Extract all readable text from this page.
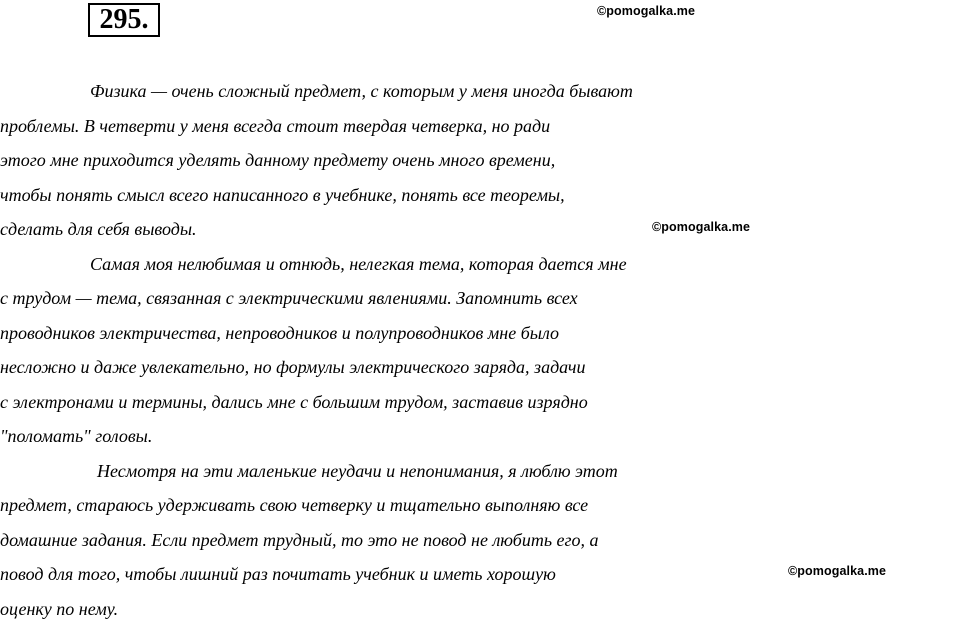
295.	©pomogalka.me
©pomogalka.me
©pomogalka.me
Физика — очень сложный предмет, с которым у меня иногда бывают
проблемы. В четверти у меня всегда стоит твердая четверка, но ради
этого мне приходится уделять данному предмету очень много времени,
чтобы понять смысл всего написанного в учебнике, понять все теоремы,
сделать для себя выводы.
Самая моя нелюбимая и отнюдь, нелегкая тема, которая дается мне
с трудом — тема, связанная с электрическими явлениями. Запомнить всех
проводников электричества, непроводников и полупроводников мне было
несложно и даже увлекательно, но формулы электрического заряда, задачи
с электронами и термины, дались мне с большим трудом, заставив изрядно
"поломать" головы.
Несмотря на эти маленькие неудачи и непонимания, я люблю этот
предмет, стараюсь удерживать свою четверку и тщательно выполняю все
домашние задания. Если предмет трудный, то это не повод не любить его, а
повод для того, чтобы лишний раз почитать учебник и иметь хорошую
оценку по нему.
